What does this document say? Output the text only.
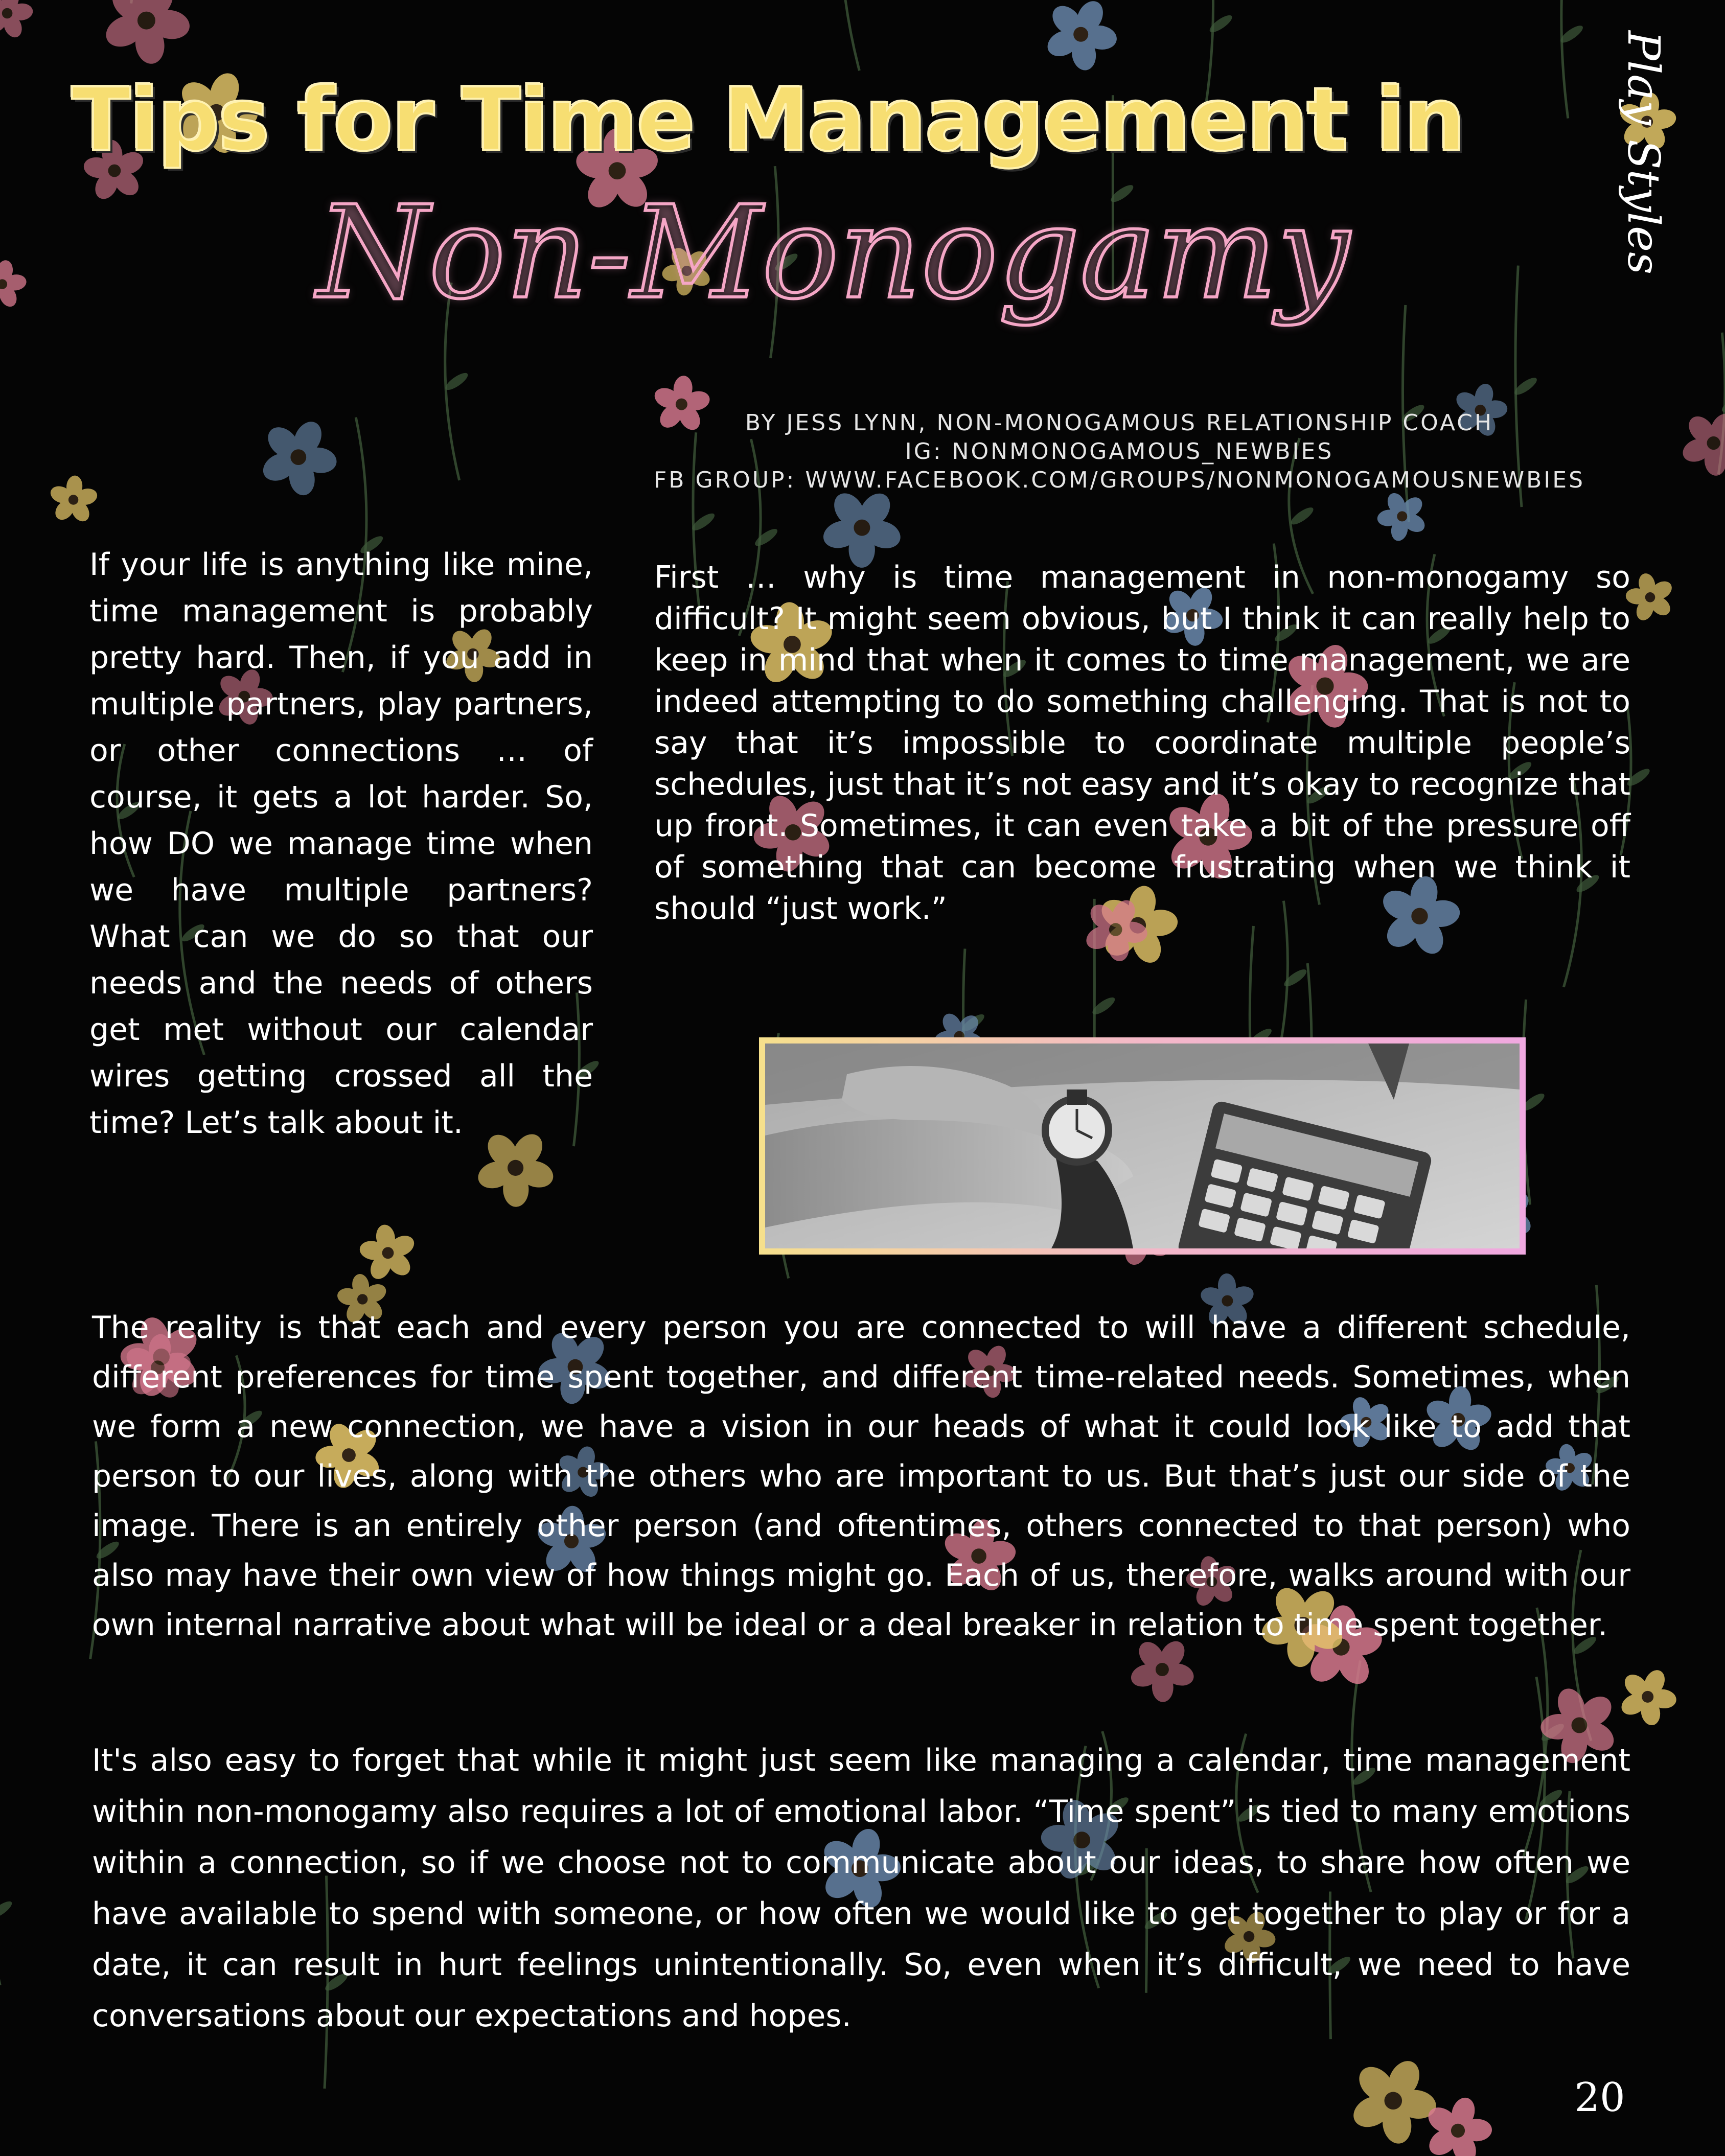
Tips for Time Management in
Non-Monogamy	Play Styles
BY JESS LYNN, NON-MONOGAMOUS RELATIONSHIP COACH
IG: NONMONOGAMOUS_NEWBIES
FB GROUP: WWW.FACEBOOK.COM/GROUPS/NONMONOGAMOUSNEWBIES

If your life is anything like mine, time management is probably pretty hard. Then, if you add in multiple partners, play partners, or other connections … of course, it gets a lot harder. So, how DO we manage time when we have multiple partners? What can we do so that our needs and the needs of others get met without our calendar wires getting crossed all the time? Let’s talk about it.

First … why is time management in non-monogamy so difficult? It might seem obvious, but I think it can really help to keep in mind that when it comes to time management, we are indeed attempting to do something challenging. That is not to say that it’s impossible to coordinate multiple people’s schedules, just that it’s not easy and it’s okay to recognize that up front. Sometimes, it can even take a bit of the pressure off of something that can become frustrating when we think it should “just work.”

The reality is that each and every person you are connected to will have a different schedule, different preferences for time spent together, and different time-related needs. Sometimes, when we form a new connection, we have a vision in our heads of what it could look like to add that person to our lives, along with the others who are important to us. But that’s just our side of the image. There is an entirely other person (and oftentimes, others connected to that person) who also may have their own view of how things might go. Each of us, therefore, walks around with our own internal narrative about what will be ideal or a deal breaker in relation to time spent together.

It's also easy to forget that while it might just seem like managing a calendar, time management within non-monogamy also requires a lot of emotional labor. “Time spent” is tied to many emotions within a connection, so if we choose not to communicate about our ideas, to share how often we have available to spend with someone, or how often we would like to get together to play or for a date, it can result in hurt feelings unintentionally. So, even when it’s difficult, we need to have conversations about our expectations and hopes.

20
